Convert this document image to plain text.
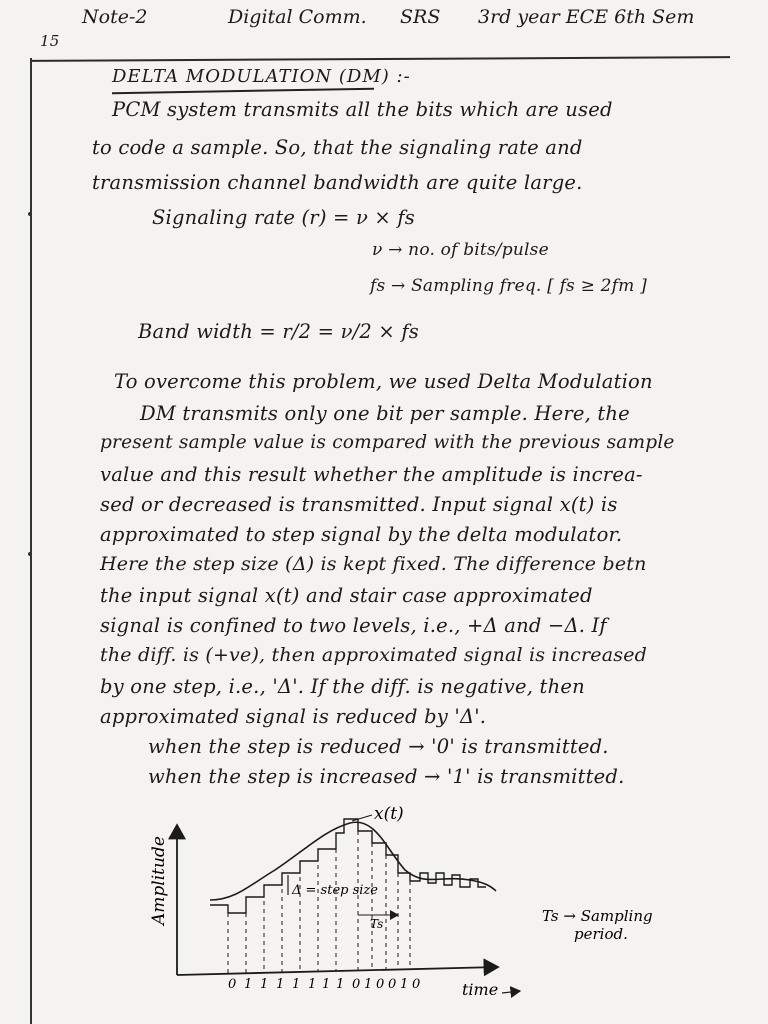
Note-2	Digital Comm. SRS 3rd year ECE 6th Sem
15
DELTA MODULATION (DM) :-
PCM system transmits all the bits which are used
to code a sample. So, that the signaling rate and
transmission channel bandwidth are quite large.
Signaling rate (r) = ν × fs
ν → no. of bits/pulse
fs → Sampling freq. [ fs ≥ 2fm ]
Band width = r/2 = ν/2 × fs
To overcome this problem, we used Delta Modulation
DM transmits only one bit per sample. Here, the
present sample value is compared with the previous sample
value and this result whether the amplitude is increa-
sed or decreased is transmitted. Input signal x(t) is
approximated to step signal by the delta modulator.
Here the step size (Δ) is kept fixed. The difference betn
the input signal x(t) and stair case approximated
signal is confined to two levels, i.e., +Δ and −Δ. If
the diff. is (+ve), then approximated signal is increased
by one step, i.e., 'Δ'. If the diff. is negative, then
approximated signal is reduced by 'Δ'.
when the step is reduced → '0' is transmitted.
when the step is increased → '1' is transmitted.
Amplitude	Δ = step size
Ts
x(t)
Ts → Sampling
period.
0 1 1 1 1 1 1 1 0 1 0 0 1 0	time
